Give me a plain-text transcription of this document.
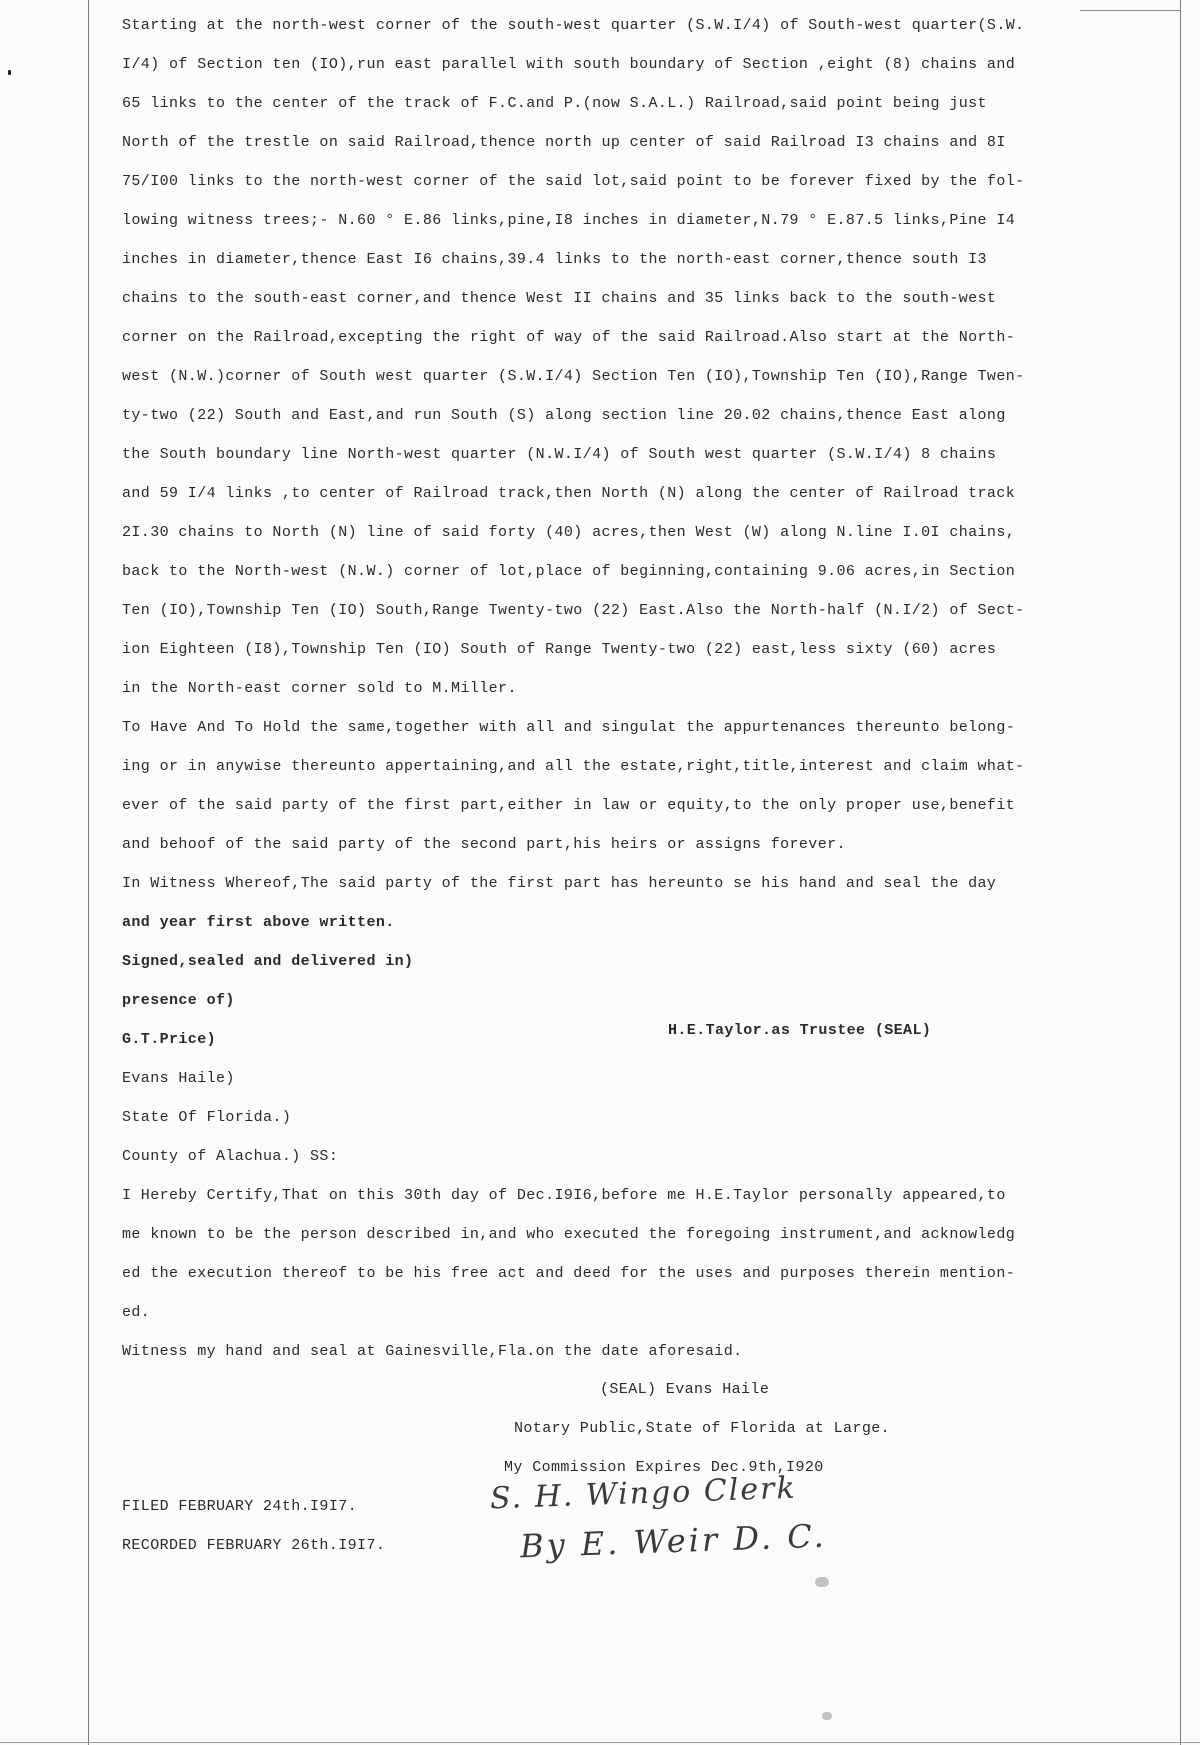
Starting at the north-west corner of the south-west quarter (S.W.I/4) of South-west quarter(S.W.
I/4) of Section ten (IO),run east parallel with south boundary of Section ,eight (8) chains and
65 links to the center of the track of F.C.and P.(now S.A.L.) Railroad,said point being just
North of the trestle on said Railroad,thence north up center of said Railroad I3 chains and 8I
75/I00 links to the north-west corner of the said lot,said point to be forever fixed by the fol-
lowing witness trees;- N.60 ° E.86 links,pine,I8 inches in diameter,N.79 ° E.87.5 links,Pine I4
inches in diameter,thence East I6 chains,39.4 links to the north-east corner,thence south I3
chains to the south-east corner,and thence West II chains and 35 links back to the south-west
corner on the Railroad,excepting the right of way of the said Railroad.Also start at the North-
west (N.W.)corner of South west quarter (S.W.I/4) Section Ten (IO),Township Ten (IO),Range Twen-
ty-two (22) South and East,and run South (S) along section line 20.02 chains,thence East along
the South boundary line North-west quarter (N.W.I/4) of South west quarter (S.W.I/4) 8 chains
and 59 I/4 links ,to center of Railroad track,then North (N) along the center of Railroad track
2I.30 chains to North (N) line of said forty (40) acres,then West (W) along N.line I.0I chains,
back to the North-west (N.W.) corner of lot,place of beginning,containing 9.06 acres,in Section
Ten (IO),Township Ten (IO) South,Range Twenty-two (22) East.Also the North-half (N.I/2) of Sect-
ion Eighteen (I8),Township Ten (IO) South of Range Twenty-two (22) east,less sixty (60) acres
in the North-east corner sold to M.Miller.
To Have And To Hold the same,together with all and singulat the appurtenances thereunto belong-
ing or in anywise thereunto appertaining,and all the estate,right,title,interest and claim what-
ever of the said party of the first part,either in law or equity,to the only proper use,benefit
and behoof of the said party of the second part,his heirs or assigns forever.
In Witness Whereof,The said party of the first part has hereunto se his hand and seal the day
and year first above written.
Signed,sealed and delivered in)
presence of)
G.T.Price)
H.E.Taylor.as Trustee (SEAL)
Evans Haile)
State Of Florida.)
County of Alachua.) SS:
I Hereby Certify,That on this 30th day of Dec.I9I6,before me H.E.Taylor personally appeared,to
me known to be the person described in,and who executed the foregoing instrument,and acknowledg
ed the execution thereof to be his free act and deed for the uses and purposes therein mention-
ed.
Witness my hand and seal at Gainesville,Fla.on the date aforesaid.
(SEAL) Evans Haile
Notary Public,State of Florida at Large.
My Commission Expires Dec.9th,I920
FILED FEBRUARY 24th.I9I7.
RECORDED FEBRUARY 26th.I9I7.
S. H. Wingo Clerk
By E. Weir D. C.
